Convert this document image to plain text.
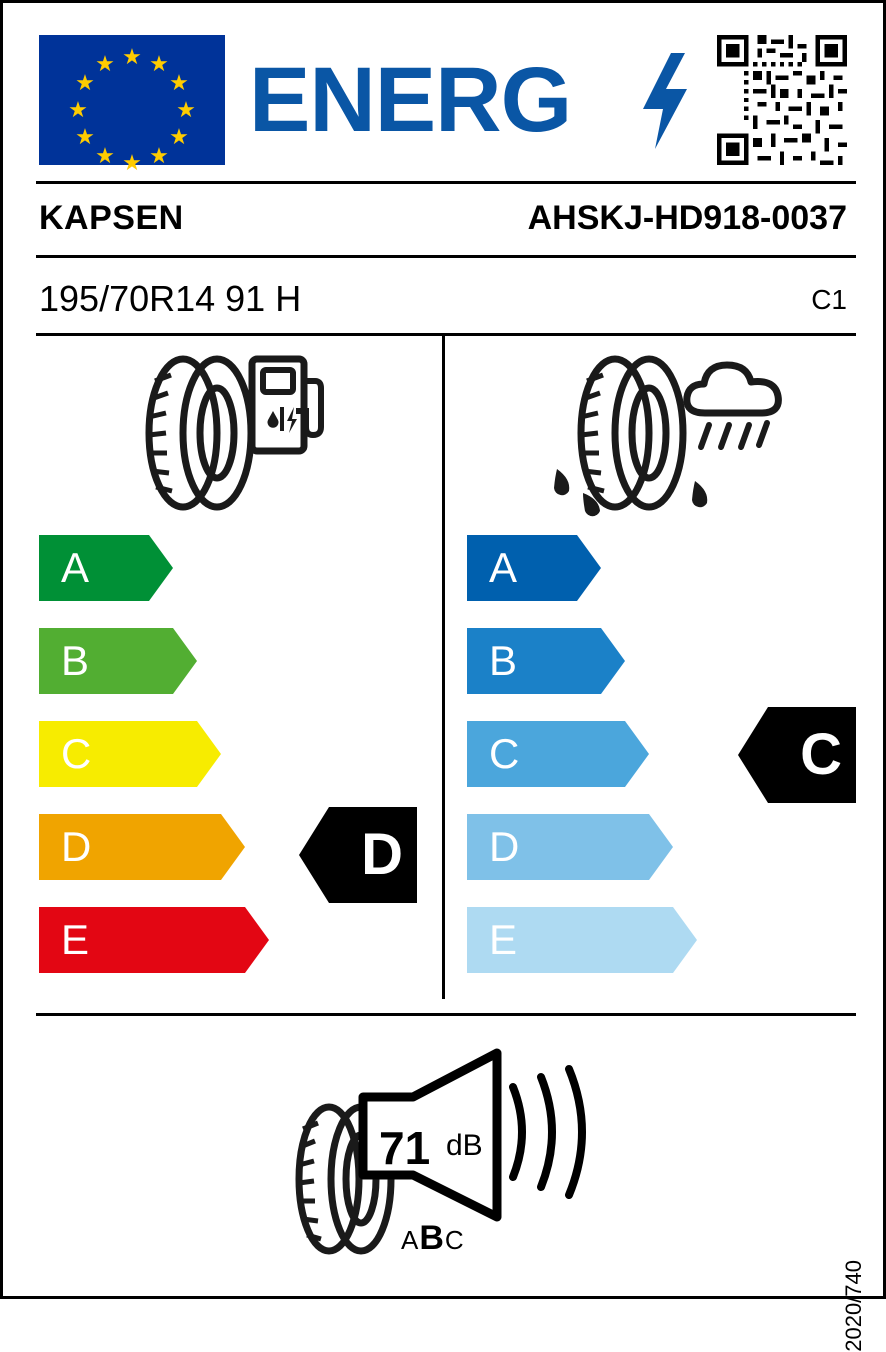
★ ★
★
★
★
★
★
★
★
★
★
★ ENERG
KAPSEN	AHSKJ-HD918-0037
195/70R14 91 H	C1
A
B
C
D
E
D
A
B
C
D
E
C
71 dB
ABC
2020/740
